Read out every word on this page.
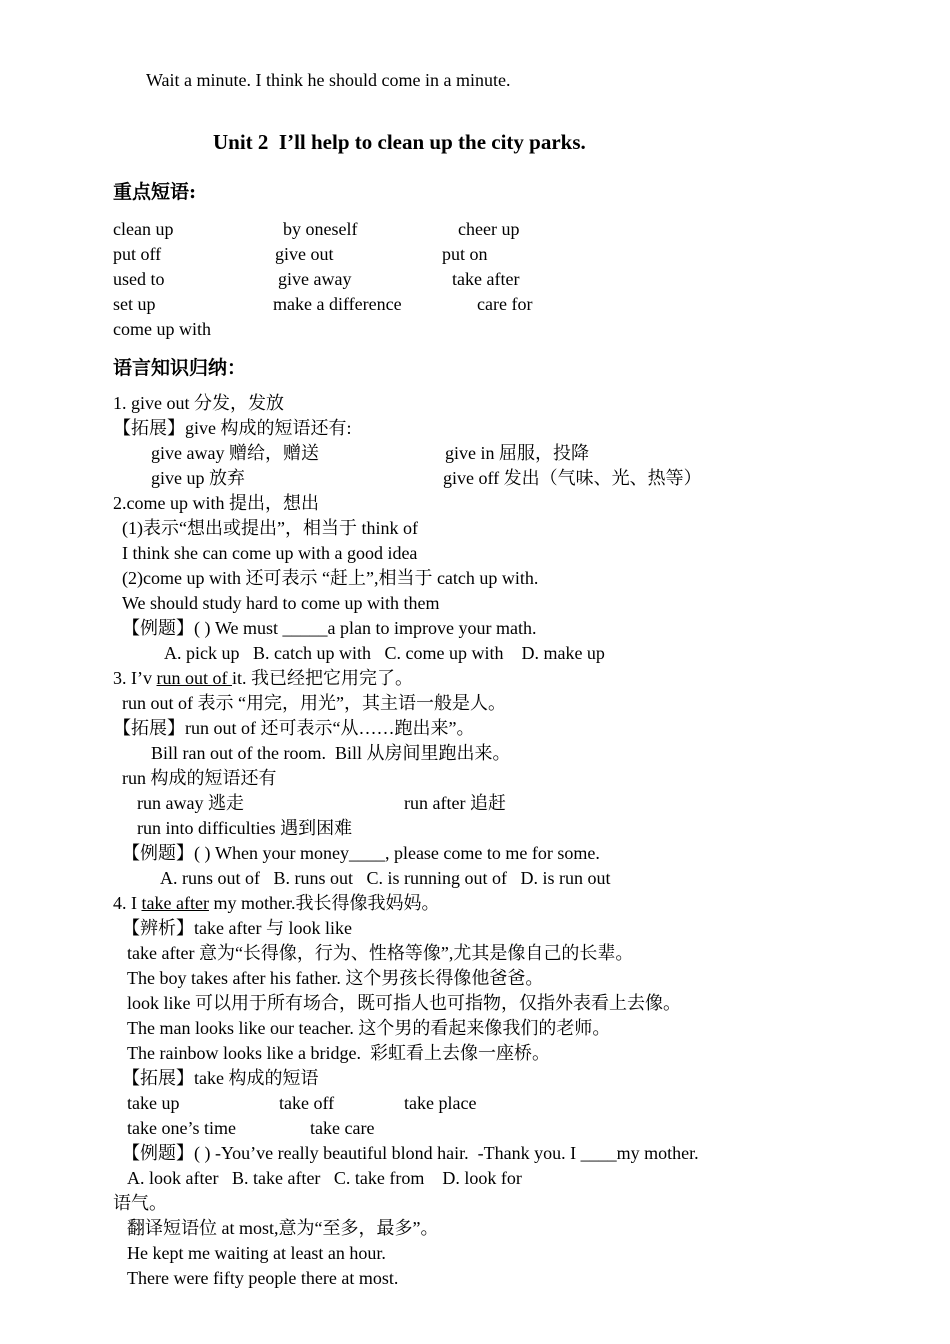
Wait a minute. I think he should come in a minute.
Unit 2  I’ll help to clean up the city parks.
重点短语:
clean up	by oneself	cheer up
put off	give out	put on
used to	give away	take after
set up	make a difference	care for
come up with
语言知识归纳：
1. give out 分发，发放
【拓展】give 构成的短语还有:
give away 赠给，赠送	give in 屈服，投降
give up 放弃	give off 发出（气味、光、热等）
2.come up with 提出，想出
(1)表示“想出或提出”，相当于 think of
I think she can come up with a good idea
(2)come up with 还可表示 “赶上”,相当于 catch up with.
We should study hard to come up with them
【例题】( ) We must _____a plan to improve your math.
A. pick up   B. catch up with   C. come up with    D. make up
3. I’v run out of it. 我已经把它用完了。
run out of 表示 “用完，用光”，其主语一般是人。
【拓展】run out of 还可表示“从……跑出来”。
Bill ran out of the room.  Bill 从房间里跑出来。
run 构成的短语还有
run away 逃走	run after 追赶
run into difficulties 遇到困难
【例题】( ) When your money____, please come to me for some.
A. runs out of   B. runs out   C. is running out of   D. is run out
4. I take after my mother.我长得像我妈妈。
【辨析】take after 与 look like
take after 意为“长得像，行为、性格等像”,尤其是像自己的长辈。
The boy takes after his father. 这个男孩长得像他爸爸。
look like 可以用于所有场合，既可指人也可指物，仅指外表看上去像。
The man looks like our teacher. 这个男的看起来像我们的老师。
The rainbow looks like a bridge.  彩虹看上去像一座桥。
【拓展】take 构成的短语
take up	take off	take place
take one’s time	take care
【例题】( ) -You’ve really beautiful blond hair.  -Thank you. I ____my mother.
A. look after   B. take after   C. take from    D. look for
语气。
翻译短语位 at most,意为“至多，最多”。
He kept me waiting at least an hour.
There were fifty people there at most.
